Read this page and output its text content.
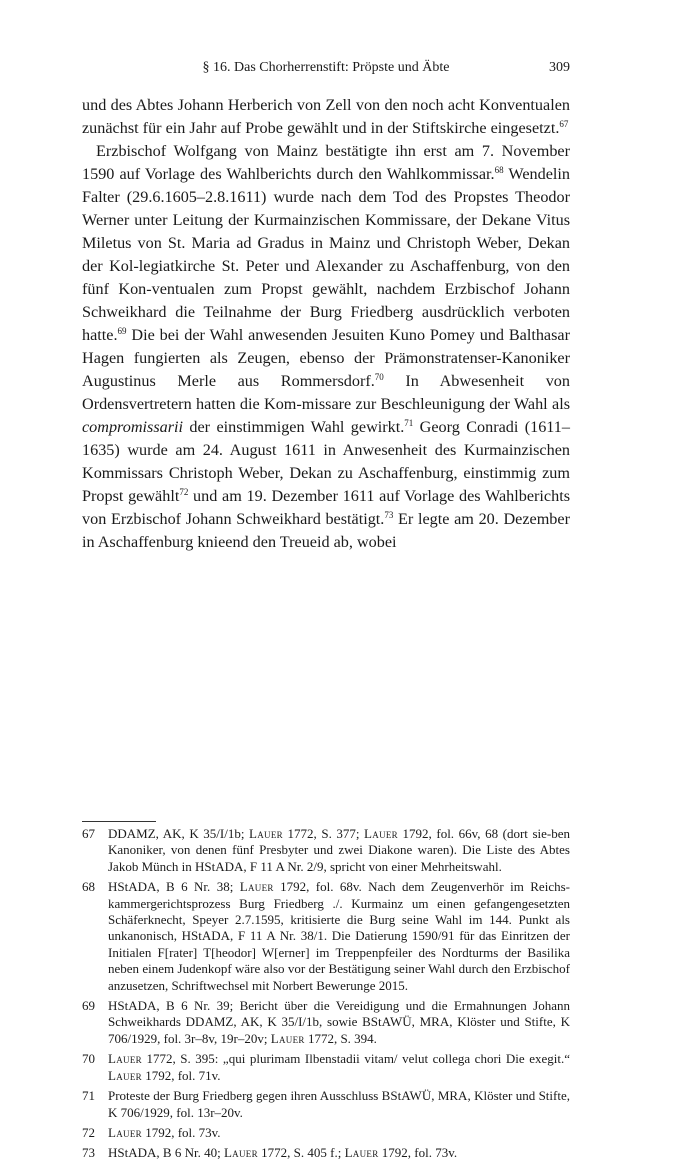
§ 16. Das Chorherrenstift: Pröpste und Äbte	309

und des Abtes Johann Herberich von Zell von den noch acht Konventualen zunächst für ein Jahr auf Probe gewählt und in der Stiftskirche eingesetzt.$^{67}$

Erzbischof Wolfgang von Mainz bestätigte ihn erst am 7. November 1590 auf Vorlage des Wahlberichts durch den Wahlkommissar.$^{68}$ Wendelin Falter (29.6.1605–2.8.1611) wurde nach dem Tod des Propstes Theodor Werner unter Leitung der Kurmainzischen Kommissare, der Dekane Vitus Miletus von St. Maria ad Gradus in Mainz und Christoph Weber, Dekan der Kol-legiatkirche St. Peter und Alexander zu Aschaffenburg, von den fünf Kon-ventualen zum Propst gewählt, nachdem Erzbischof Johann Schweikhard die Teilnahme der Burg Friedberg ausdrücklich verboten hatte.$^{69}$ Die bei der Wahl anwesenden Jesuiten Kuno Pomey und Balthasar Hagen fungierten als Zeugen, ebenso der Prämonstratenser-Kanoniker Augustinus Merle aus Rommersdorf.$^{70}$ In Abwesenheit von Ordensvertretern hatten die Kom-missare zur Beschleunigung der Wahl als compromissarii der einstimmigen Wahl gewirkt.$^{71}$ Georg Conradi (1611–1635) wurde am 24. August 1611 in Anwesenheit des Kurmainzischen Kommissars Christoph Weber, Dekan zu Aschaffenburg, einstimmig zum Propst gewählt$^{72}$ und am 19. Dezember 1611 auf Vorlage des Wahlberichts von Erzbischof Johann Schweikhard bestätigt.$^{73}$ Er legte am 20. Dezember in Aschaffenburg knieend den Treueid ab, wobei

67	DDAMZ, AK, K 35/I/1b; Lauer 1772, S. 377; Lauer 1792, fol. 66v, 68 (dort sie-ben Kanoniker, von denen fünf Presbyter und zwei Diakone waren). Die Liste des Abtes Jakob Münch in HStADA, F 11 A Nr. 2/9, spricht von einer Mehrheitswahl.
68	HStADA, B 6 Nr. 38; Lauer 1792, fol. 68v. Nach dem Zeugenverhör im Reichs-kammergerichtsprozess Burg Friedberg ./. Kurmainz um einen gefangengesetzten Schäferknecht, Speyer 2.7.1595, kritisierte die Burg seine Wahl im 144. Punkt als unkanonisch, HStADA, F 11 A Nr. 38/1. Die Datierung 1590/91 für das Einritzen der Initialen F[rater] T[heodor] W[erner] im Treppenpfeiler des Nordturms der Basilika neben einem Judenkopf wäre also vor der Bestätigung seiner Wahl durch den Erzbischof anzusetzen, Schriftwechsel mit Norbert Bewerunge 2015.
69	HStADA, B 6 Nr. 39; Bericht über die Vereidigung und die Ermahnungen Johann Schweikhards DDAMZ, AK, K 35/I/1b, sowie BStAWÜ, MRA, Klöster und Stifte, K 706/1929, fol. 3r–8v, 19r–20v; Lauer 1772, S. 394.
70	Lauer 1772, S. 395: „qui plurimam Ilbenstadii vitam/ velut collega chori Die exegit.“ Lauer 1792, fol. 71v.
71	Proteste der Burg Friedberg gegen ihren Ausschluss BStAWÜ, MRA, Klöster und Stifte, K 706/1929, fol. 13r–20v.
72	Lauer 1792, fol. 73v.
73	HStADA, B 6 Nr. 40; Lauer 1772, S. 405 f.; Lauer 1792, fol. 73v.
